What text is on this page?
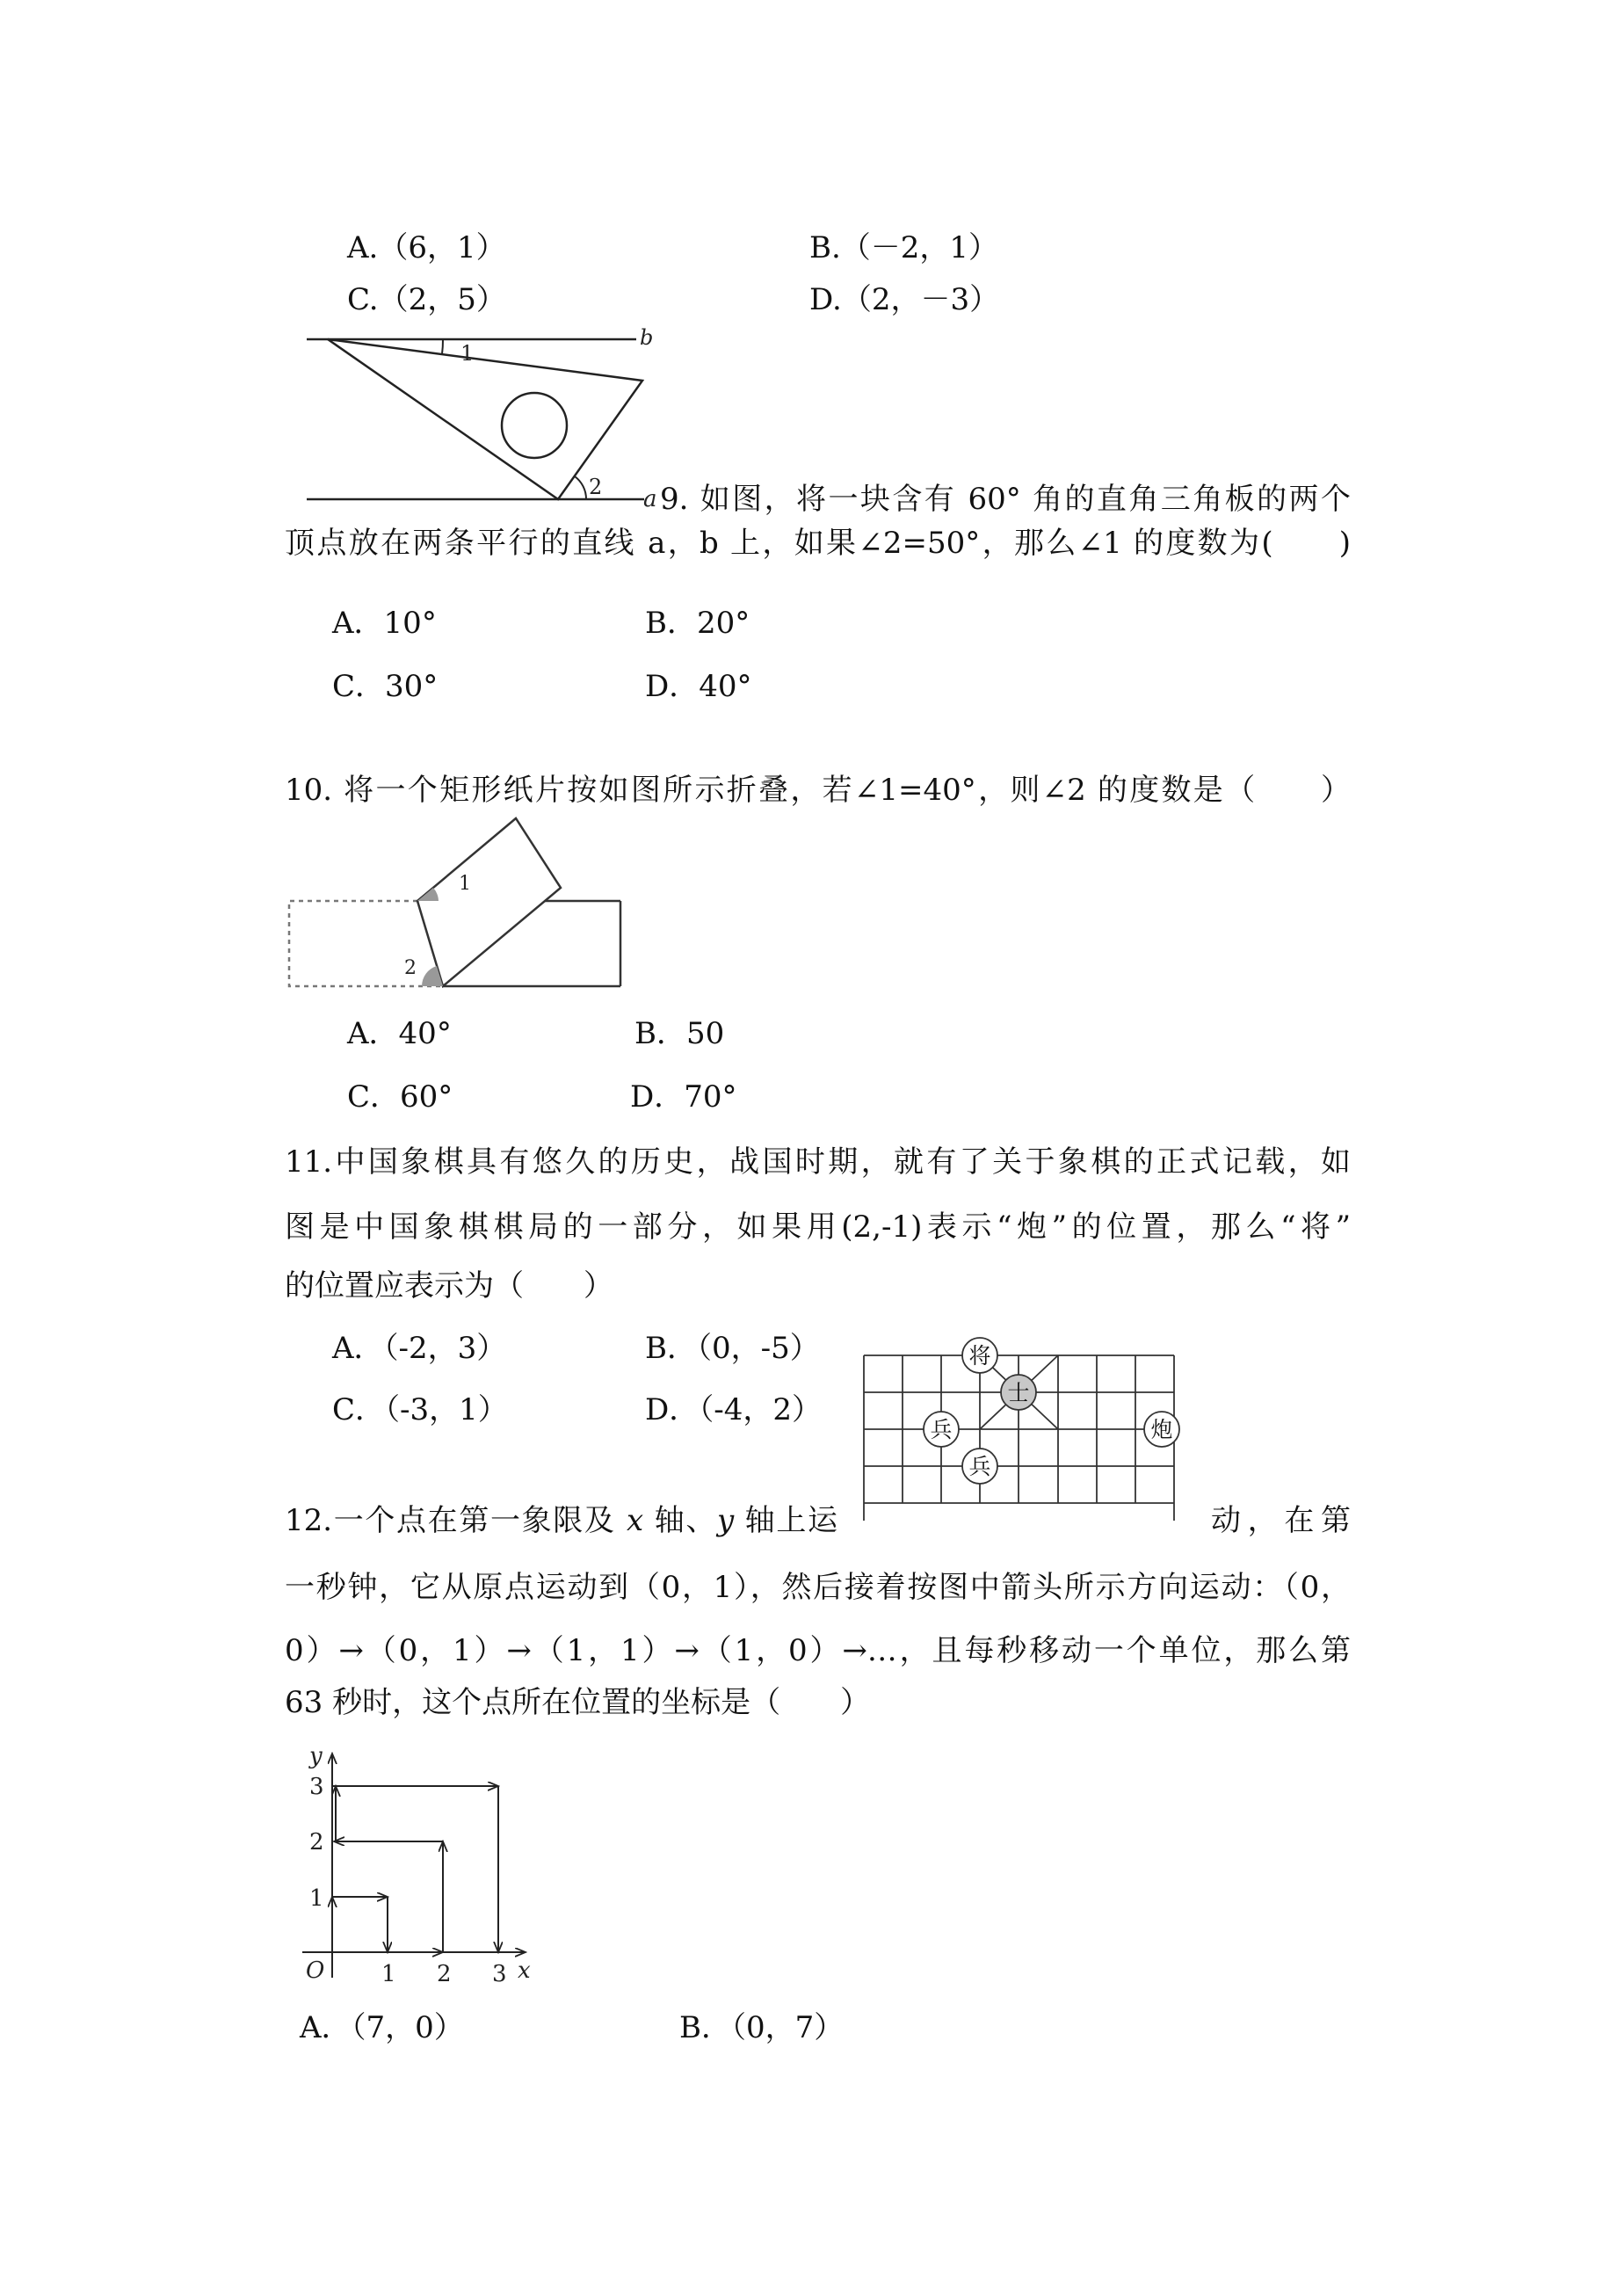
b
a
1
2
1
2
将
士
兵
兵
炮
O 1 2 3 x
1
2
3
y
A.（6，1）	B.（－2，1）
C.（2，5）	D.（2，－3）
9. 如图，将一块含有 60° 角的直角三角板的两个
顶点放在两条平行的直线 a，b 上，如果∠2=50°，那么∠1 的度数为(　　)
A．10°	B．20°
C．30°	D．40°
10. 将一个矩形纸片按如图所示折叠，若∠1=40°，则∠2 的度数是（　　）
A．40°	B．50
C．60°	D．70°
11.中国象棋具有悠久的历史，战国时期，就有了关于象棋的正式记载，如
图是中国象棋棋局的一部分，如果用(2,-1)表示“炮”的位置，那么“将”
的位置应表示为（　　）
A．（-2，3）	B．（0，-5）
C．（-3，1）	D．（-4，2）
12.一个点在第一象限及 x 轴、y 轴上运	动，在第
一秒钟，它从原点运动到（0，1），然后接着按图中箭头所示方向运动：（0，
0）→（0，1）→（1，1）→（1，0）→…，且每秒移动一个单位，那么第
63 秒时，这个点所在位置的坐标是（　　）
A．（7，0）	B．（0，7）
